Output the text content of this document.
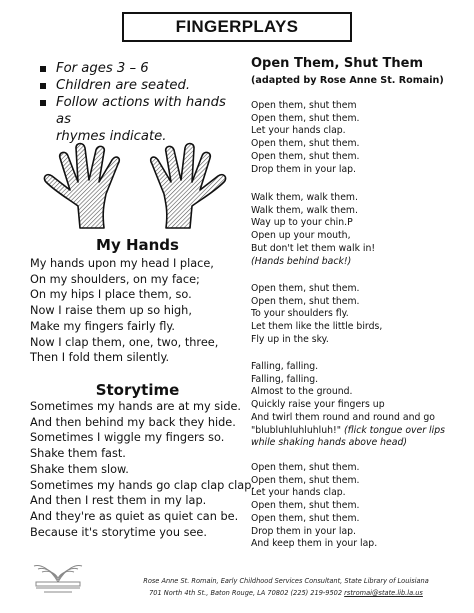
FINGERPLAYS
For ages 3 – 6
Children are seated.
Follow actions with hands as
rhymes indicate.
My Hands
My hands upon my head I place,
On my shoulders, on my face;
On my hips I place them, so.
Now I raise them up so high,
Make my fingers fairly fly.
Now I clap them, one, two, three,
Then I fold them silently.
Storytime
Sometimes my hands are at my side.
And then behind my back they hide.
Sometimes I wiggle my fingers so.
Shake them fast.
Shake them slow.
Sometimes my hands go clap clap clap.
And then I rest them in my lap.
And they're as quiet as quiet can be.
Because it's storytime you see.
Open Them, Shut Them
(adapted by Rose Anne St. Romain)
Open them, shut them
Open them, shut them.
Let your hands clap.
Open them, shut them.
Open them, shut them.
Drop them in your lap.
Walk them, walk them.
Walk them, walk them.
Way up to your chin.P
Open up your mouth,
But don't let them walk in!
(Hands behind back!)
Open them, shut them.
Open them, shut them.
To your shoulders fly.
Let them like the little birds,
Fly up in the sky.
Falling, falling.
Falling, falling.
Almost to the ground.
Quickly raise your fingers up
And twirl them round and round and go
"blubluhluhluhluh!" (flick tongue over lips
while shaking hands above head)
Open them, shut them.
Open them, shut them.
Let your hands clap.
Open them, shut them.
Open them, shut them.
Drop them in your lap.
And keep them in your lap.
Rose Anne St. Romain, Early Childhood Services Consultant, State Library of Louisiana
701 North 4th St., Baton Rouge, LA 70802 (225) 219-9502 rstromai@state.lib.la.us
